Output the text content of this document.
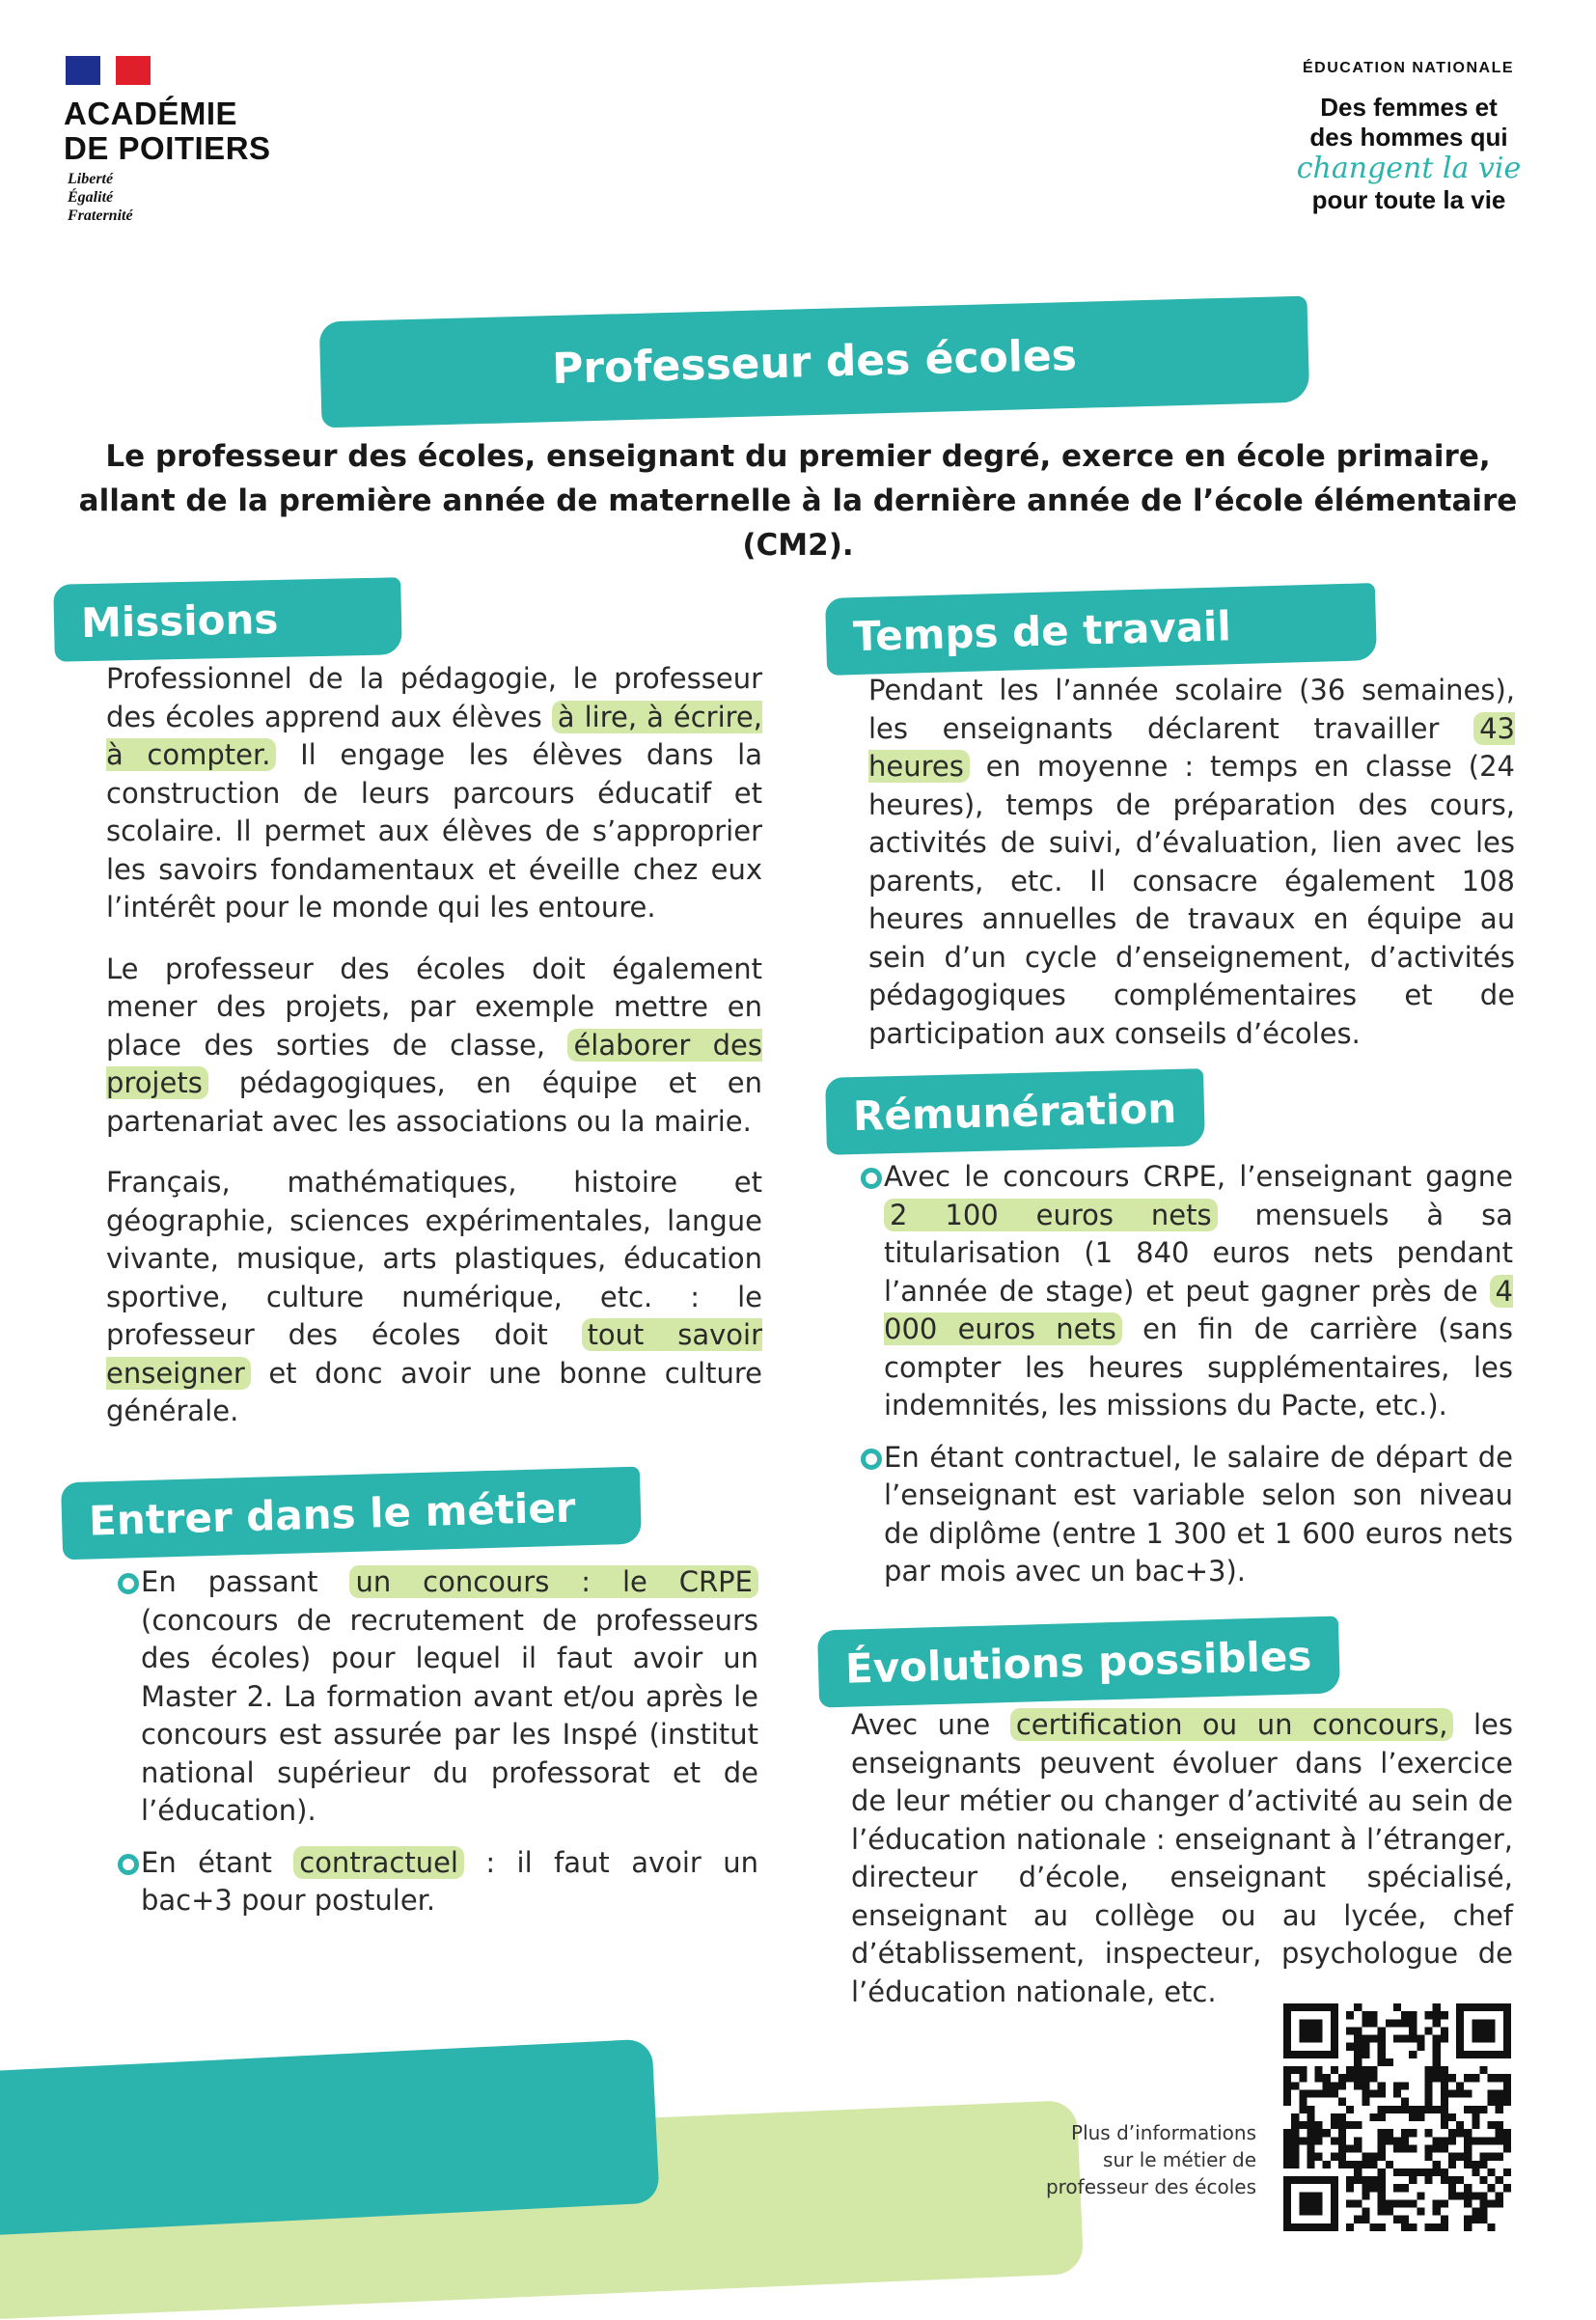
ACADÉMIE
DE POITIERS
Liberté
Égalité
Fraternité
ÉDUCATION NATIONALE
Des femmes et
des hommes qui
changent la vie
pour toute la vie
Professeur des écoles
Le professeur des écoles, enseignant du premier degré, exerce en école primaire, allant de la première année de maternelle à la dernière année de l’école élémentaire (CM2).
Missions

Professionnel de la pédagogie, le professeur des écoles apprend aux élèves à lire, à écrire, à compter. Il engage les élèves dans la construction de leurs parcours éducatif et scolaire. Il permet aux élèves de s’approprier les savoirs fondamentaux et éveille chez eux l’intérêt pour le monde qui les entoure.

Le professeur des écoles doit également mener des projets, par exemple mettre en place des sorties de classe, élaborer des projets pédagogiques, en équipe et en partenariat avec les associations ou la mairie.

Français, mathématiques, histoire et géographie, sciences expérimentales, langue vivante, musique, arts plastiques, éducation sportive, culture numérique, etc. : le professeur des écoles doit tout savoir enseigner et donc avoir une bonne culture générale.

Temps de travail

Pendant les l’année scolaire (36 semaines), les enseignants déclarent travailler 43 heures en moyenne : temps en classe (24 heures), temps de préparation des cours, activités de suivi, d’évaluation, lien avec les parents, etc. Il consacre également 108 heures annuelles de travaux en équipe au sein d’un cycle d’enseignement, d’activités pédagogiques complémentaires et de participation aux conseils d’écoles.

Rémunération
Avec le concours CRPE, l’enseignant gagne 2 100 euros nets mensuels à sa titularisation (1 840 euros nets pendant l’année de stage) et peut gagner près de 4 000 euros nets en fin de carrière (sans compter les heures supplémentaires, les indemnités, les missions du Pacte, etc.).
En étant contractuel, le salaire de départ de l’enseignant est variable selon son niveau de diplôme (entre 1 300 et 1 600 euros nets par mois avec un bac+3).
Entrer dans le métier
En passant un concours : le CRPE (concours de recrutement de professeurs des écoles) pour lequel il faut avoir un Master 2. La formation avant et/ou après le concours est assurée par les Inspé (institut national supérieur du professorat et de l’éducation).
En étant contractuel : il faut avoir un bac+3 pour postuler.
Évolutions possibles

Avec une certification ou un concours, les enseignants peuvent évoluer dans l’exercice de leur métier ou changer d’activité au sein de l’éducation nationale : enseignant à l’étranger, directeur d’école, enseignant spécialisé, enseignant au collège ou au lycée, chef d’établissement, inspecteur, psychologue de l’éducation nationale, etc.

Plus d’informations
sur le métier de
professeur des écoles
